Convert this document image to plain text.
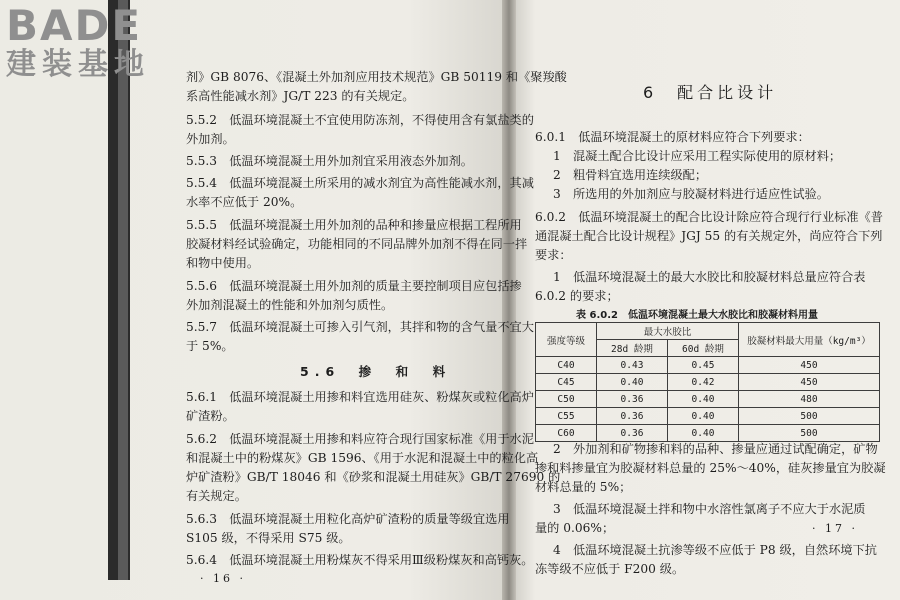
BADE
建装基地	剂》GB 8076、《混凝土外加剂应用技术规范》GB 50119 和《聚羧酸
系高性能减水剂》JG/T 223 的有关规定。
5.5.2　低温环境混凝土不宜使用防冻剂，不得使用含有氯盐类的
外加剂。
5.5.3　低温环境混凝土用外加剂宜采用液态外加剂。
5.5.4　低温环境混凝土所采用的减水剂宜为高性能减水剂，其减
水率不应低于 20%。
5.5.5　低温环境混凝土用外加剂的品种和掺量应根据工程所用
胶凝材料经试验确定，功能相同的不同品牌外加剂不得在同一拌
和物中使用。
5.5.6　低温环境混凝土用外加剂的质量主要控制项目应包括掺
外加剂混凝土的性能和外加剂匀质性。
5.5.7　低温环境混凝土可掺入引气剂，其拌和物的含气量不宜大
于 5%。
5.6　掺　和　料
5.6.1　低温环境混凝土用掺和料宜选用硅灰、粉煤灰或粒化高炉
矿渣粉。
5.6.2　低温环境混凝土用掺和料应符合现行国家标准《用于水泥
和混凝土中的粉煤灰》GB 1596、《用于水泥和混凝土中的粒化高
炉矿渣粉》GB/T 18046 和《砂浆和混凝土用硅灰》GB/T 27690 的
有关规定。
5.6.3　低温环境混凝土用粒化高炉矿渣粉的质量等级宜选用
S105 级，不得采用 S75 级。
5.6.4　低温环境混凝土用粉煤灰不得采用Ⅲ级粉煤灰和高钙灰。
· 16 ·
6　配合比设计
6.0.1　低温环境混凝土的原材料应符合下列要求：
1　混凝土配合比设计应采用工程实际使用的原材料；
2　粗骨料宜选用连续级配；
3　所选用的外加剂应与胶凝材料进行适应性试验。
6.0.2　低温环境混凝土的配合比设计除应符合现行行业标准《普
通混凝土配合比设计规程》JGJ 55 的有关规定外，尚应符合下列
要求：
1　低温环境混凝土的最大水胶比和胶凝材料总量应符合表
6.0.2 的要求；
表 6.0.2　低温环境混凝土最大水胶比和胶凝材料用量
强度等级	最大水胶比		胶凝材料最大用量（kg/m³）
	28d 龄期	60d 龄期	
C40	0.43	0.45	450
C45	0.40	0.42	450
C50	0.36	0.40	480
C55	0.36	0.40	500
C60	0.36	0.40	500
2　外加剂和矿物掺和料的品种、掺量应通过试配确定，矿物
掺和料掺量宜为胶凝材料总量的 25%～40%，硅灰掺量宜为胶凝
材料总量的 5%；
3　低温环境混凝土拌和物中水溶性氯离子不应大于水泥质
量的 0.06%；
4　低温环境混凝土抗渗等级不应低于 P8 级，自然环境下抗
冻等级不应低于 F200 级。
· 17 ·
